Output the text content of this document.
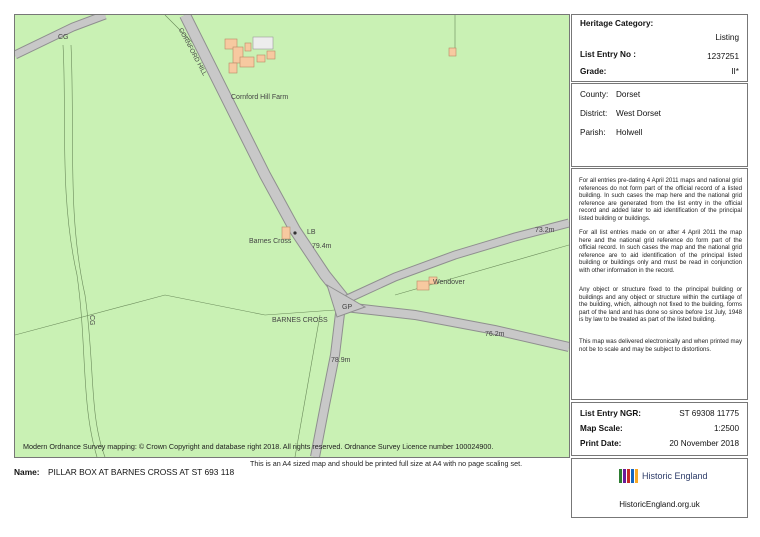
CG	CORNFORD HILL
Cornford Hill Farm
LB
Barnes Cross
79.4m
73.2m
Wendover
GP
BARNES CROSS
76.2m
78.9m
CG
Modern Ordnance Survey mapping: © Crown Copyright and database right 2018. All rights reserved. Ordnance Survey Licence number 100024900.
This is an A4 sized map and should be printed full size at A4 with no page scaling set.
Name: PILLAR BOX AT BARNES CROSS AT ST 693 118
Heritage Category:
Listing
List Entry No :	1237251
Grade:	II*
County: Dorset
District: West Dorset
Parish: Holwell
For all entries pre-dating 4 April 2011 maps and national grid references do not form part of the official record of a listed building. In such cases the map here and the national grid reference are generated from the list entry in the official record and added later to aid identification of the principal listed building or buildings.
For all list entries made on or after 4 April 2011 the map here and the national grid reference do form part of the official record. In such cases the map and the national grid reference are to aid identification of the principal listed building or buildings only and must be read in conjunction with other information in the record.
Any object or structure fixed to the principal building or buildings and any object or structure within the curtilage of the building, which, although not fixed to the building, forms part of the land and has done so since before 1st July, 1948 is by law to be treated as part of the listed building.
This map was delivered electronically and when printed may not be to scale and may be subject to distortions.
List Entry NGR:	ST 69308 11775
Map Scale:	1:2500
Print Date:	20 November 2018
Historic England
HistoricEngland.org.uk
